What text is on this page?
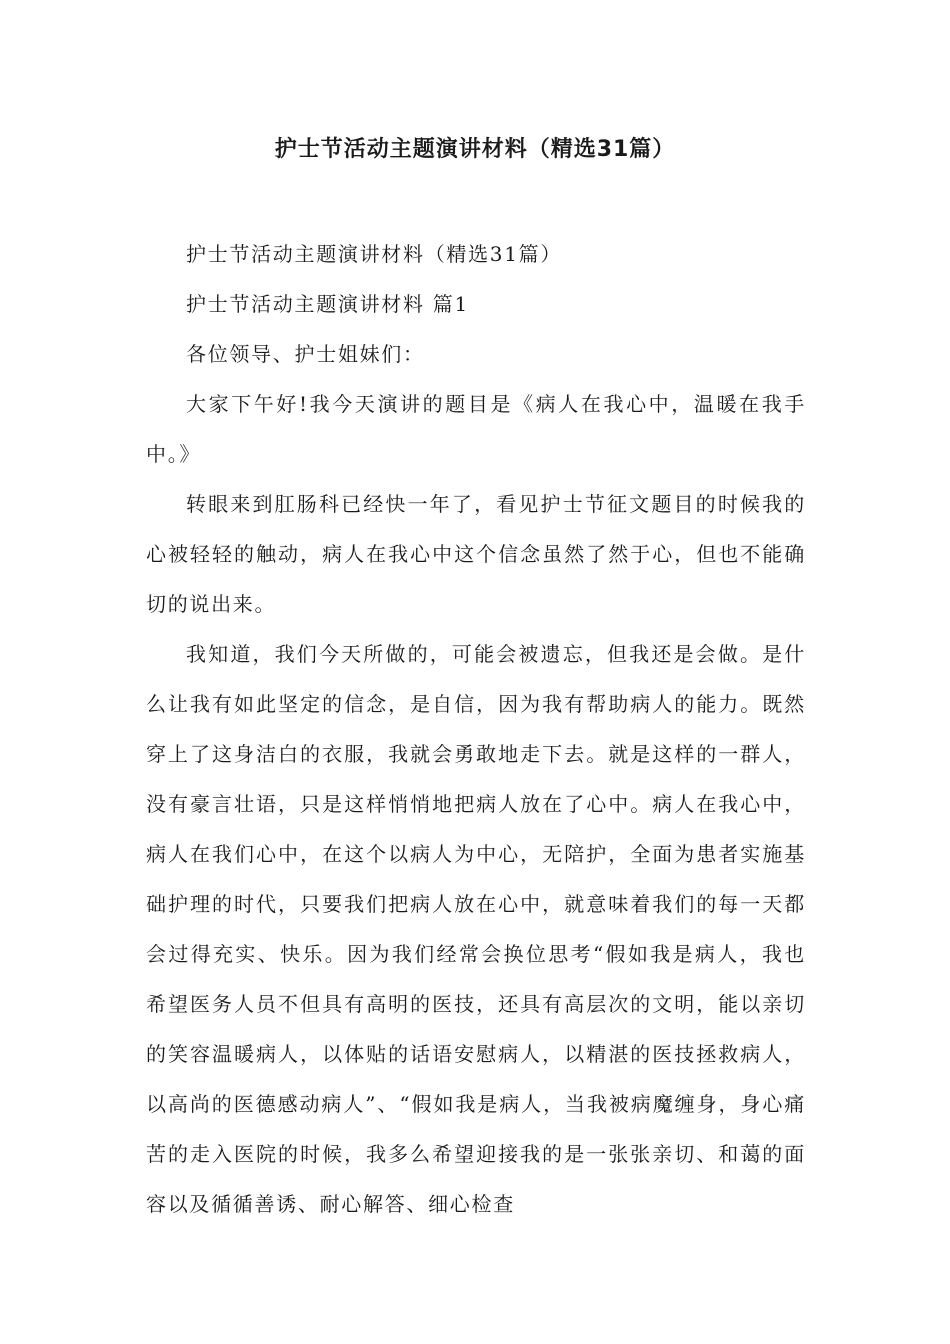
护士节活动主题演讲材料（精选31篇）

护士节活动主题演讲材料（精选31篇）

护士节活动主题演讲材料 篇1

各位领导、护士姐妹们：

大家下午好!我今天演讲的题目是《病人在我心中，温暖在我手中。》

转眼来到肛肠科已经快一年了，看见护士节征文题目的时候我的心被轻轻的触动，病人在我心中这个信念虽然了然于心，但也不能确切的说出来。

我知道，我们今天所做的，可能会被遗忘，但我还是会做。是什么让我有如此坚定的信念，是自信，因为我有帮助病人的能力。既然穿上了这身洁白的衣服，我就会勇敢地走下去。就是这样的一群人，没有豪言壮语，只是这样悄悄地把病人放在了心中。病人在我心中，病人在我们心中，在这个以病人为中心，无陪护，全面为患者实施基础护理的时代，只要我们把病人放在心中，就意味着我们的每一天都会过得充实、快乐。因为我们经常会换位思考“假如我是病人，我也希望医务人员不但具有高明的医技，还具有高层次的文明，能以亲切的笑容温暖病人，以体贴的话语安慰病人，以精湛的医技拯救病人，以高尚的医德感动病人”、“假如我是病人，当我被病魔缠身，身心痛苦的走入医院的时候，我多么希望迎接我的是一张张亲切、和蔼的面容以及循循善诱、耐心解答、细心检查
